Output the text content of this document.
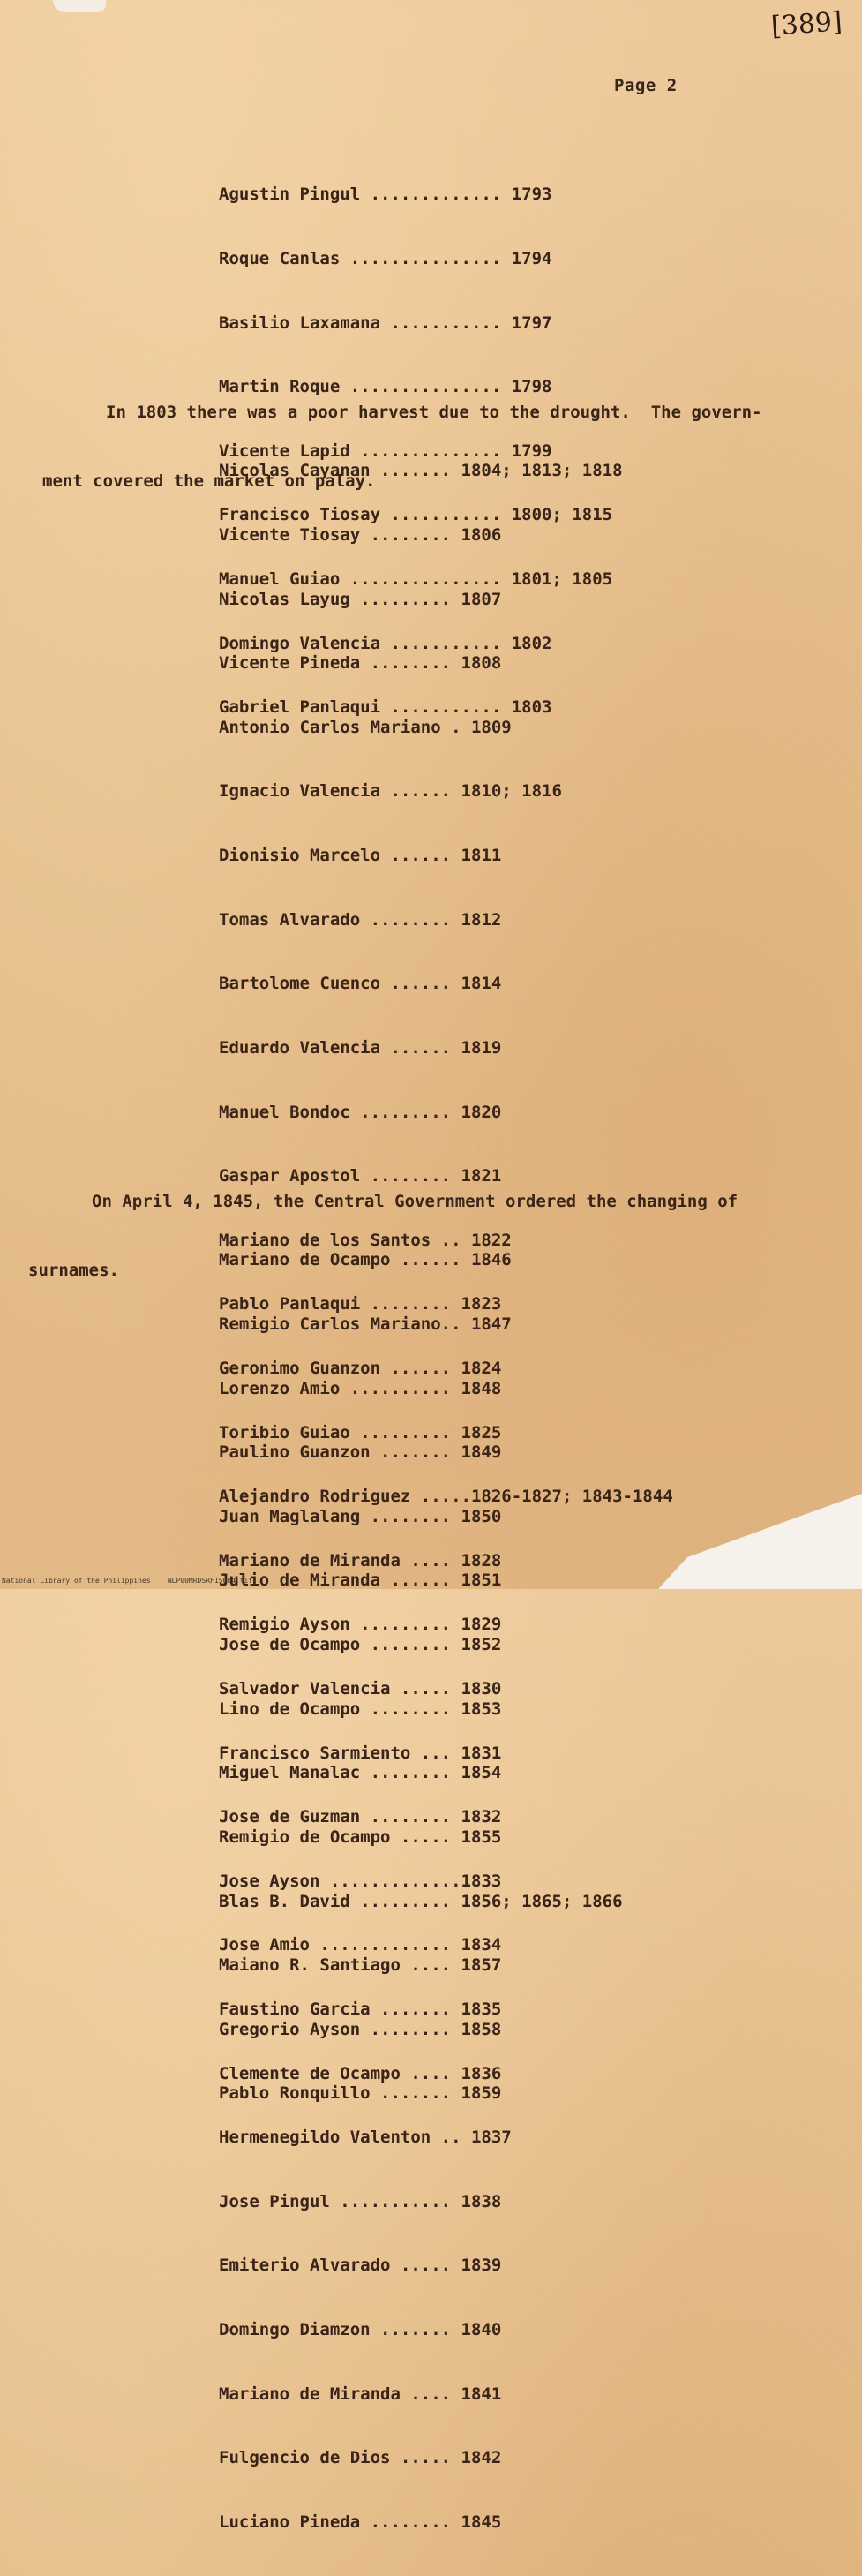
[389]
Page 2

Agustin Pingul ............. 1793

Roque Canlas ............... 1794

Basilio Laxamana ........... 1797

Martin Roque ............... 1798

Vicente Lapid .............. 1799

Francisco Tiosay ........... 1800; 1815

Manuel Guiao ............... 1801; 1805

Domingo Valencia ........... 1802

Gabriel Panlaqui ........... 1803

In 1803 there was a poor harvest due to the drought.  The govern-

ment covered the market on palay.

Nicolas Cayanan ....... 1804; 1813; 1818

Vicente Tiosay ........ 1806

Nicolas Layug ......... 1807

Vicente Pineda ........ 1808

Antonio Carlos Mariano . 1809

Ignacio Valencia ...... 1810; 1816

Dionisio Marcelo ...... 1811

Tomas Alvarado ........ 1812

Bartolome Cuenco ...... 1814

Eduardo Valencia ...... 1819

Manuel Bondoc ......... 1820

Gaspar Apostol ........ 1821

Mariano de los Santos .. 1822

Pablo Panlaqui ........ 1823

Geronimo Guanzon ...... 1824

Toribio Guiao ......... 1825

Alejandro Rodriguez .....1826-1827; 1843-1844

Mariano de Miranda .... 1828

Remigio Ayson ......... 1829

Salvador Valencia ..... 1830

Francisco Sarmiento ... 1831

Jose de Guzman ........ 1832

Jose Ayson .............1833

Jose Amio ............. 1834

Faustino Garcia ....... 1835

Clemente de Ocampo .... 1836

Hermenegildo Valenton .. 1837

Jose Pingul ........... 1838

Emiterio Alvarado ..... 1839

Domingo Diamzon ....... 1840

Mariano de Miranda .... 1841

Fulgencio de Dios ..... 1842

Luciano Pineda ........ 1845

On April 4, 1845, the Central Government ordered the changing of

surnames.

Mariano de Ocampo ...... 1846

Remigio Carlos Mariano.. 1847

Lorenzo Amio .......... 1848

Paulino Guanzon ....... 1849

Juan Maglalang ........ 1850

Julio de Miranda ...... 1851

Jose de Ocampo ........ 1852

Lino de Ocampo ........ 1853

Miguel Manalac ........ 1854

Remigio de Ocampo ..... 1855

Blas B. David ......... 1856; 1865; 1866

Maiano R. Santiago .... 1857

Gregorio Ayson ........ 1858

Pablo Ronquillo ....... 1859

National Library of the Philippines    NLP00MRDSRF15004.tif
